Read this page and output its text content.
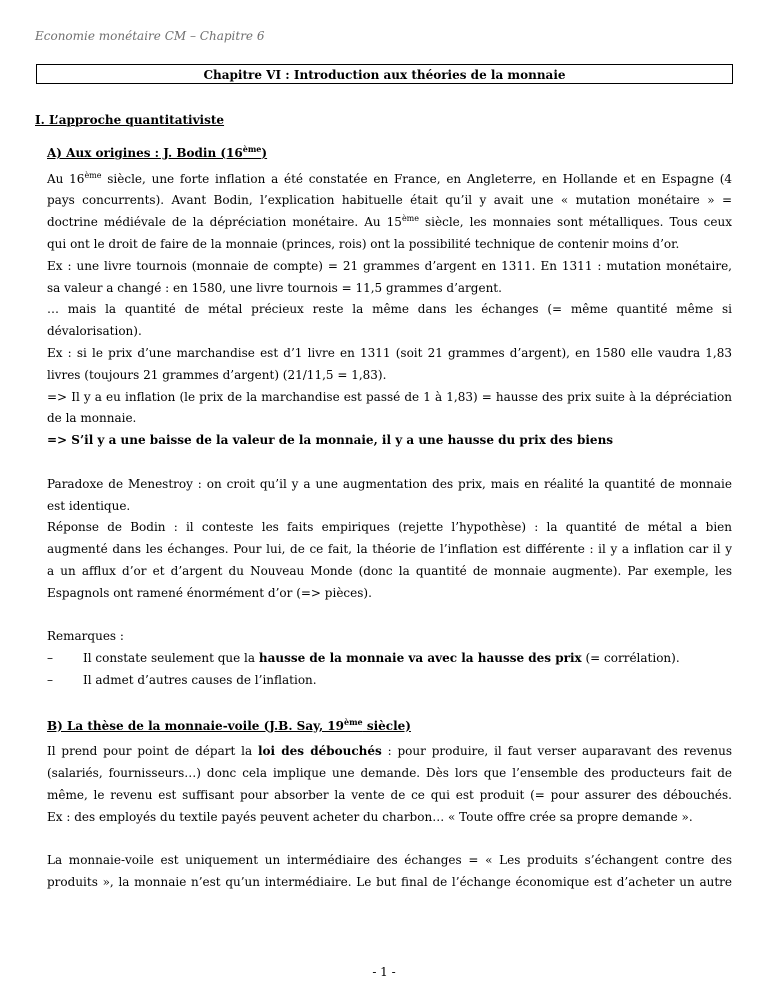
Economie monétaire CM – Chapitre 6
Chapitre VI : Introduction aux théories de la monnaie
I. L’approche quantitativiste
A) Aux origines : J. Bodin (16ème)

Au 16ème siècle, une forte inflation a été constatée en France, en Angleterre, en Hollande et en Espagne (4

pays concurrents). Avant Bodin, l’explication habituelle était qu’il y avait une « mutation monétaire » =

doctrine médiévale de la dépréciation monétaire. Au 15ème siècle, les monnaies sont métalliques. Tous ceux

qui ont le droit de faire de la monnaie (princes, rois) ont la possibilité technique de contenir moins d’or.

Ex : une livre tournois (monnaie de compte) = 21 grammes d’argent en 1311. En 1311 : mutation monétaire,

sa valeur a changé : en 1580, une livre tournois = 11,5 grammes d’argent.

… mais la quantité de métal précieux reste la même dans les échanges (= même quantité même si

dévalorisation).

Ex : si le prix d’une marchandise est d’1 livre en 1311 (soit 21 grammes d’argent), en 1580 elle vaudra 1,83

livres (toujours 21 grammes d’argent) (21/11,5 = 1,83).

=> Il y a eu inflation (le prix de la marchandise est passé de 1 à 1,83) = hausse des prix suite à la dépréciation

de la monnaie.

=> S’il y a une baisse de la valeur de la monnaie, il y a une hausse du prix des biens

Paradoxe de Menestroy : on croit qu’il y a une augmentation des prix, mais en réalité la quantité de monnaie

est identique.

Réponse de Bodin : il conteste les faits empiriques (rejette l’hypothèse) : la quantité de métal a bien

augmenté dans les échanges. Pour lui, de ce fait, la théorie de l’inflation est différente : il y a inflation car il y

a un afflux d’or et d’argent du Nouveau Monde (donc la quantité de monnaie augmente). Par exemple, les

Espagnols ont ramené énormément d’or (=> pièces).

Remarques :

–	Il constate seulement que la hausse de la monnaie va avec la hausse des prix (= corrélation).
–	Il admet d’autres causes de l’inflation.
B) La thèse de la monnaie-voile (J.B. Say, 19ème siècle)

Il prend pour point de départ la loi des débouchés : pour produire, il faut verser auparavant des revenus

(salariés, fournisseurs…) donc cela implique une demande. Dès lors que l’ensemble des producteurs fait de

même, le revenu est suffisant pour absorber la vente de ce qui est produit (= pour assurer des débouchés.

Ex : des employés du textile payés peuvent acheter du charbon… « Toute offre crée sa propre demande ».

La monnaie-voile est uniquement un intermédiaire des échanges = « Les produits s’échangent contre des

produits », la monnaie n’est qu’un intermédiaire. Le but final de l’échange économique est d’acheter un autre

- 1 -
